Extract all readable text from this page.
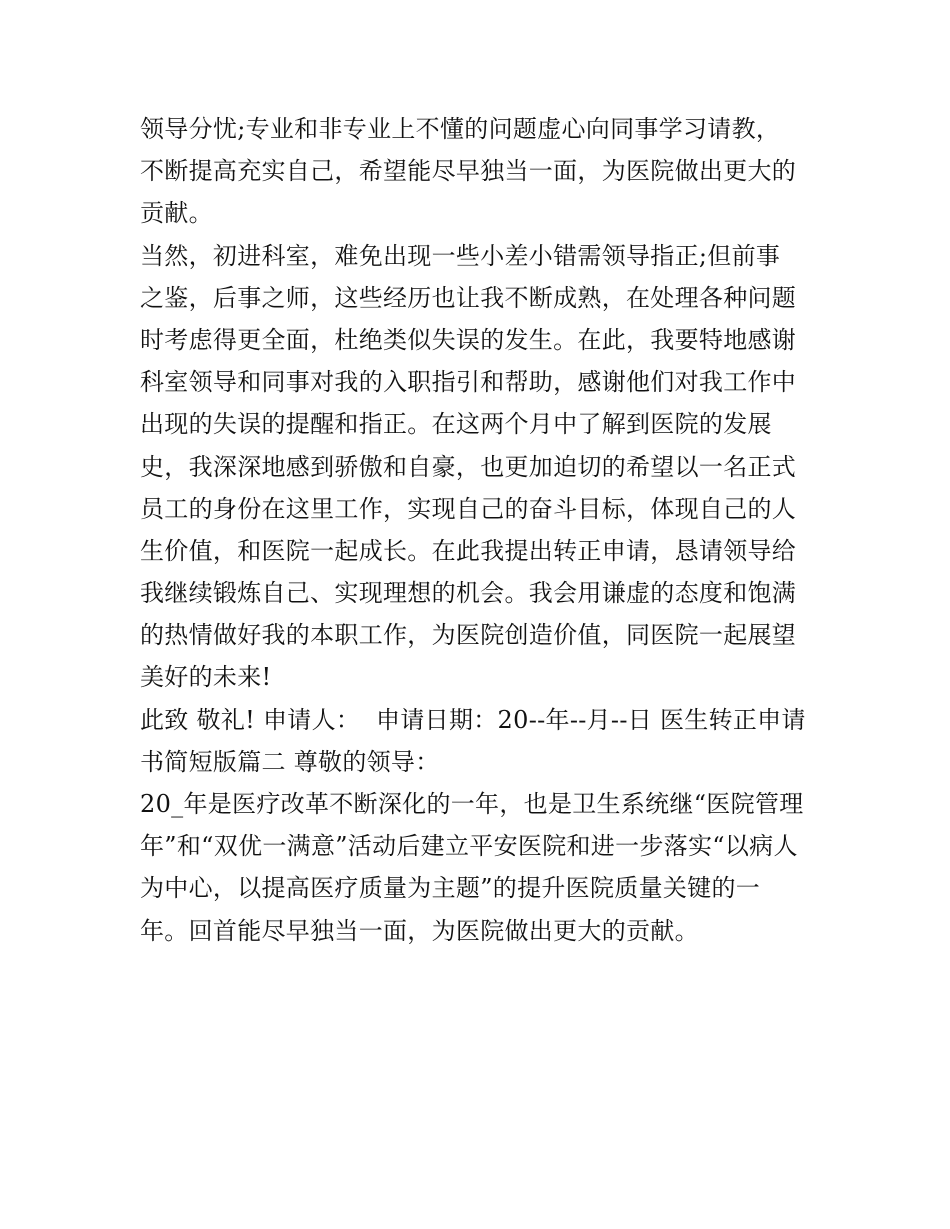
领导分忧;专业和非专业上不懂的问题虚心向同事学习请教，
不断提高充实自己，希望能尽早独当一面，为医院做出更大的
贡献。
当然，初进科室，难免出现一些小差小错需领导指正;但前事
之鉴，后事之师，这些经历也让我不断成熟，在处理各种问题
时考虑得更全面，杜绝类似失误的发生。在此，我要特地感谢
科室领导和同事对我的入职指引和帮助，感谢他们对我工作中
出现的失误的提醒和指正。在这两个月中了解到医院的发展
史，我深深地感到骄傲和自豪，也更加迫切的希望以一名正式
员工的身份在这里工作，实现自己的奋斗目标，体现自己的人
生价值，和医院一起成长。在此我提出转正申请，恳请领导给
我继续锻炼自己、实现理想的机会。我会用谦虚的态度和饱满
的热情做好我的本职工作，为医院创造价值，同医院一起展望
美好的未来!
此致 敬礼! 申请人：  申请日期：20--年--月--日 医生转正申请
书简短版篇二 尊敬的领导：
20_年是医疗改革不断深化的一年，也是卫生系统继“医院管理
年”和“双优一满意”活动后建立平安医院和进一步落实“以病人
为中心，以提高医疗质量为主题”的提升医院质量关键的一
年。回首能尽早独当一面，为医院做出更大的贡献。
